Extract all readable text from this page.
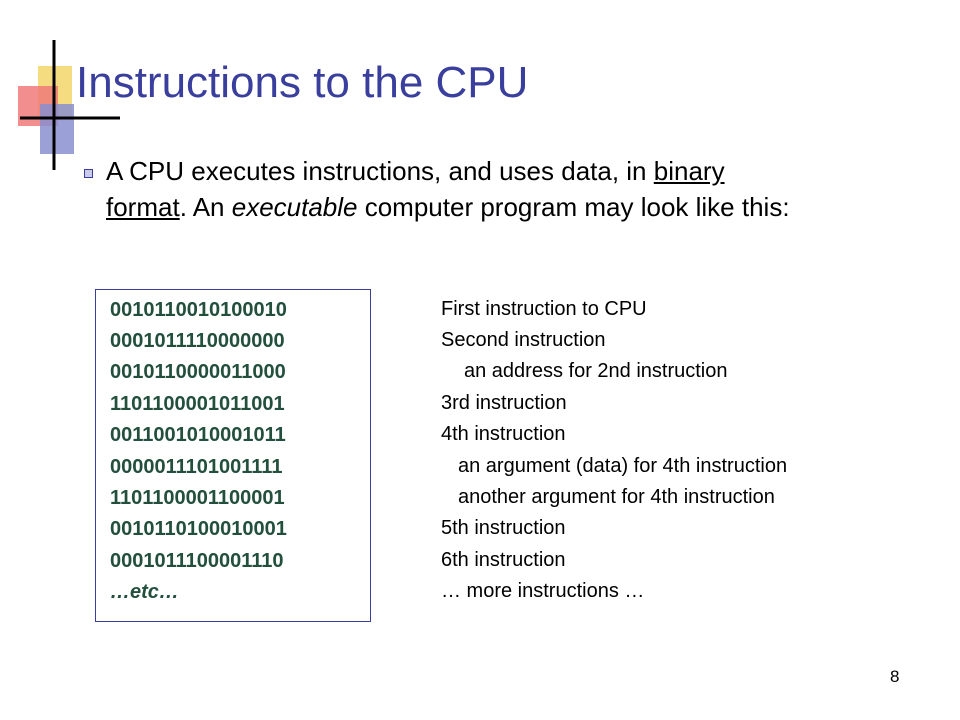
Instructions to the CPU
A CPU executes instructions, and uses data, in binary
format. An executable computer program may look like this:
0010110010100010
0001011110000000
0010110000011000
1101100001011001
0011001010001011
0000011101001111
1101100001100001
0010110100010001
0001011100001110
…etc…
First instruction to CPU
Second instruction
an address for 2nd instruction
3rd instruction
4th instruction
an argument (data) for 4th instruction
another argument for 4th instruction
5th instruction
6th instruction
… more instructions …
8
